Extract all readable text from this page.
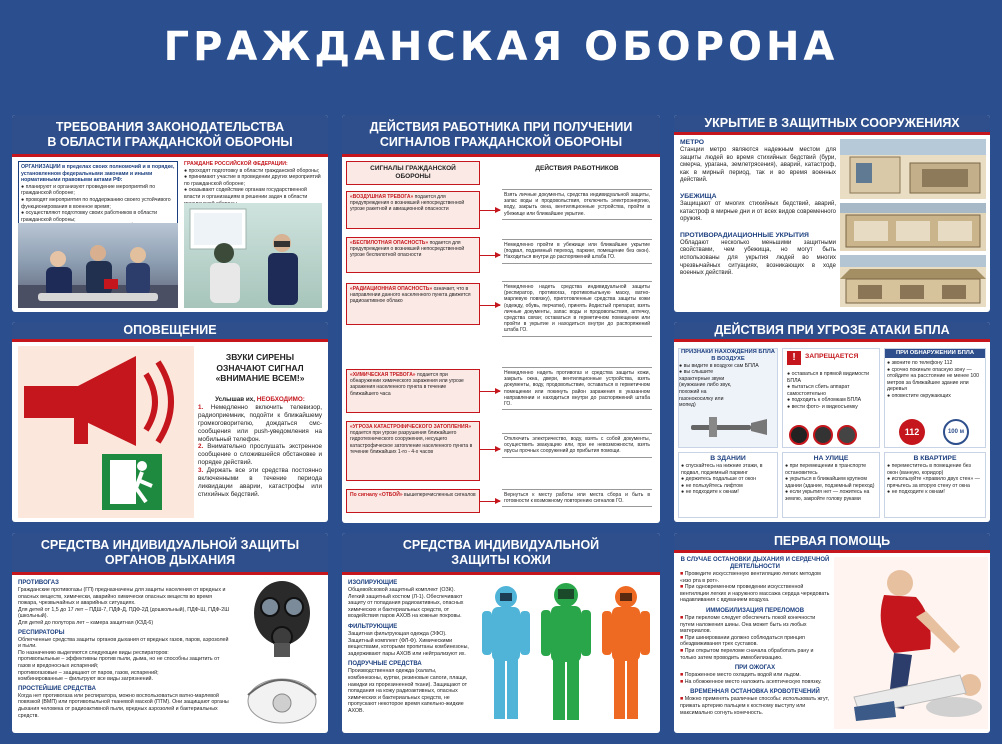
ГРАЖДАНСКАЯ ОБОРОНА
ТРЕБОВАНИЯ ЗАКОНОДАТЕЛЬСТВА
В ОБЛАСТИ ГРАЖДАНСКОЙ ОБОРОНЫ
ОРГАНИЗАЦИИ в пределах своих полномочий и в порядке, установленном федеральными законами и иными нормативными правовыми актами РФ:
● планируют и организуют проведение мероприятий по гражданской обороне;
● проводят мероприятия по поддержанию своего устойчивого функционирования в военное время;
● осуществляют подготовку своих работников в области гражданской обороны;
ГРАЖДАНЕ РОССИЙСКОЙ ФЕДЕРАЦИИ:
● проходят подготовку в области гражданской обороны;
● принимают участие в проведении других мероприятий по гражданской обороне;
● оказывают содействие органам государственной власти и организациям в решении задач в области
ДЕЙСТВИЯ РАБОТНИКА ПРИ ПОЛУЧЕНИИ
СИГНАЛОВ ГРАЖДАНСКОЙ ОБОРОНЫ
СИГНАЛЫ ГРАЖДАНСКОЙ ОБОРОНЫ
ДЕЙСТВИЯ РАБОТНИКОВ
«ВОЗДУШНАЯ ТРЕВОГА» подается для предупреждения о возникшей непосредственной угрозе ракетной и авиационной опасности
Взять личные документы, средства индивидуальной защиты, запас воды и продовольствия, отключить электроэнергию, воду, закрыть окна, вентиляционные устройства, пройти в убежище или ближайшее укрытие.
«БЕСПИЛОТНАЯ ОПАСНОСТЬ» подается для предупреждения о возникшей непосредственной угрозе беспилотной опасности
Немедленно пройти в убежище или ближайшее укрытие (подвал, подземный переход, паркинг, помещение без окон). Находиться внутри до распоряжений штаба ГО.
«РАДИАЦИОННАЯ ОПАСНОСТЬ» означает, что в направлении данного населенного пункта движется радиоактивное облако
Немедленно надеть средства индивидуальной защиты (респиратор, противогаз, противопыльную маску, ватно-марлевую повязку), приготовленные средства защиты кожи (одежду, обувь, перчатки), принять йодистый препарат, взять личные документы, запас воды и продовольствия, аптечку, средства связи; оставаться в герметичном помещении или пройти в укрытие и находиться внутри до распоряжений штаба ГО.
«ХИМИЧЕСКАЯ ТРЕВОГА» подается при обнаружении химического заражения или угрозе заражения населенного пункта в течение ближайшего часа
Немедленно надеть противогаз и средства защиты кожи, закрыть окна, двери, вентиляционные устройства, взять документы, воду, продовольствие, оставаться в герметичном помещении или покинуть район заражения в указанном направлении и находиться внутри до распоряжений штаба ГО.
«УГРОЗА КАТАСТРОФИЧЕСКОГО ЗАТОПЛЕНИЯ» подается при угрозе разрушения ближайшего гидротехнического сооружения, несущего катастрофическое затопление населенного пункта в течение ближайших 1-го - 4-х часов
Отключить электричество, воду, взять с собой документы, осуществить эвакуацию или, при ее невозможности, взять ярусы прочных сооружений до прибытия помощи.
По сигналу «ОТБОЙ» вышеперечисленных сигналов	Вернуться к месту работы или места сбора и быть в готовности к возможному повторению сигналов ГО.
УКРЫТИЕ В ЗАЩИТНЫХ СООРУЖЕНИЯХ
МЕТРО
Станции метро являются надежным местом для защиты людей во время стихийных бедствий (бури, смерча, урагана, землетрясения), аварий, катастроф, как в мирный период, так и во время военных действий.
УБЕЖИЩА
Защищают от многих стихийных бедствий, аварий, катастроф в мирные дни и от всех видов современного оружия.
ПРОТИВОРАДИАЦИОННЫЕ УКРЫТИЯ
Обладают несколько меньшими защитными свойствами, чем убежища, но могут быть использованы для укрытия людей во многих чрезвычайных ситуациях, возникающих в ходе военных действий.
ОПОВЕЩЕНИЕ
ЗВУКИ СИРЕНЫ
ОЗНАЧАЮТ СИГНАЛ
«ВНИМАНИЕ ВСЕМ!»
Услышав их, НЕОБХОДИМО:
1. Немедленно включить телевизор, радиоприемник, подойти к ближайшему громкоговорителю, дождаться смс-сообщения или push-уведомления на мобильный телефон.
2. Внимательно прослушать экстренное сообщение о сложившейся обстановке и порядке действий.
3. Держать все эти средства постоянно включенными в течение периода ликвидации аварии, катастрофы или стихийных бедствий.
ДЕЙСТВИЯ ПРИ УГРОЗЕ АТАКИ БПЛА
ПРИЗНАКИ НАХОЖДЕНИЯ БПЛА В ВОЗДУХЕ
● вы видите в воздухе сам БПЛА
● вы слышите характерные звуки (жужжание либо звук, похожий на газонокосилку или мопед)
!	ЗАПРЕЩАЕТСЯ
● оставаться в прямой видимости БПЛА
● пытаться сбить аппарат самостоятельно
● подходить к обломкам БПЛА
● вести фото- и видеосъемку
ПРИ ОБНАРУЖЕНИИ БПЛА
● звоните по телефону 112
● срочно покиньте опасную зону — отойдите на расстояние не менее 100 метров за ближайшее здание или деревья
● оповестите окружающих
112	100 м
В ЗДАНИИ
● спускайтесь на нижние этажи, в подвал, подземный паркинг
● держитесь подальше от окон
● не пользуйтесь лифтом
● не подходите к окнам!
НА УЛИЦЕ
● при перемещении в транспорте остановитесь
● укрыться в ближайшем крупном здании (здание, подземный переход)
● если укрытия нет — ложитесь на землю, закройте голову руками
В КВАРТИРЕ
● переместитесь в помещение без окон (ванную, коридор)
● используйте «правило двух стен» — прячьтесь за вторую стену от окна
● не подходите к окнам!
СРЕДСТВА ИНДИВИДУАЛЬНОЙ ЗАЩИТЫ
ОРГАНОВ ДЫХАНИЯ
ПРОТИВОГАЗ
Гражданские противогазы (ГП) предназначены для защиты населения от вредных и опасных веществ, химически, аварийно химически опасных веществ во время пожара, чрезвычайных и аварийных ситуациях.
Для детей от 1,5 до 17 лет – ПДШ-7, ПДФ-Д, ПДФ-2Д (дошкольный), ПДФ-Ш, ПДФ-2Ш (школьный).
Для детей до полутора лет – камера защитная (КЗД-6)
РЕСПИРАТОРЫ
Облегченные средства защиты органов дыхания от вредных газов, паров, аэрозолей и пыли.
По назначению выделяются следующие виды респираторов:
противопыльные – эффективны против пыли, дыма, но не способны защитить от газов и вредоносных испарений;
противогазовые – защищают от паров, газов, испарений;
комбинированные – фильтруют все виды загрязнений.
ПРОСТЕЙШИЕ СРЕДСТВА
Когда нет противогаза или респиратора, можно воспользоваться ватно-марлевой повязкой (ВМП) или противопыльной тканевой маской (ПТМ). Они защищают органы дыхания человека от радиоактивной пыли, вредных аэрозолей и бактериальных средств.
СРЕДСТВА ИНДИВИДУАЛЬНОЙ
ЗАЩИТЫ КОЖИ
ИЗОЛИРУЮЩИЕ
Общевойсковой защитный комплект (ОЗК). Легкий защитный костюм (Л-1). Обеспечивают защиту от попадания радиоактивных, опасных химических и бактериальных средств, от воздействия паров АХОВ на кожные покровы.
ФИЛЬТРУЮЩИЕ
Защитная фильтрующая одежда (ЗФО). Защитный комплект (ФЛ-Ф). Химическими веществами, которыми пропитаны комбинезоны, задерживают пары АХОВ или нейтрализуют их.
ПОДРУЧНЫЕ СРЕДСТВА
Производственная одежда (халаты, комбинезоны, куртки, резиновые сапоги, плащи, накидки из прорезиненной ткани). Защищают от попадания на кожу радиоактивных, опасных химических и бактериальных средств, не пропускают некоторое время капельно-жидкие АХОВ.
ПЕРВАЯ ПОМОЩЬ
В СЛУЧАЕ ОСТАНОВКИ ДЫХАНИЯ И СЕРДЕЧНОЙ ДЕЯТЕЛЬНОСТИ
■ Проведите искусственную вентиляцию легких методом «изо рта в рот».
■ При одновременном проведении искусственной вентиляции легких и наружного массажа сердца чередовать надавливания с вдуванием воздуха.
ИММОБИЛИЗАЦИЯ ПЕРЕЛОМОВ
■ При переломе следует обеспечить покой конечности путем наложения шины. Она может быть из любых материалов.
■ При шинировании должно соблюдаться принцип обездвиживания трех суставов.
■ При открытом переломе сначала обработать рану и только затем проводить иммобилизацию.
ПРИ ОЖОГАХ
■ Пораженное место охладить водой или льдом.
■ На обожженное место наложить асептическую повязку.
ВРЕМЕННАЯ ОСТАНОВКА КРОВОТЕЧЕНИЙ
■ Можно применять различные способы: использовать жгут, прижать артерию пальцем к костному выступу или максимально согнуть конечность.
